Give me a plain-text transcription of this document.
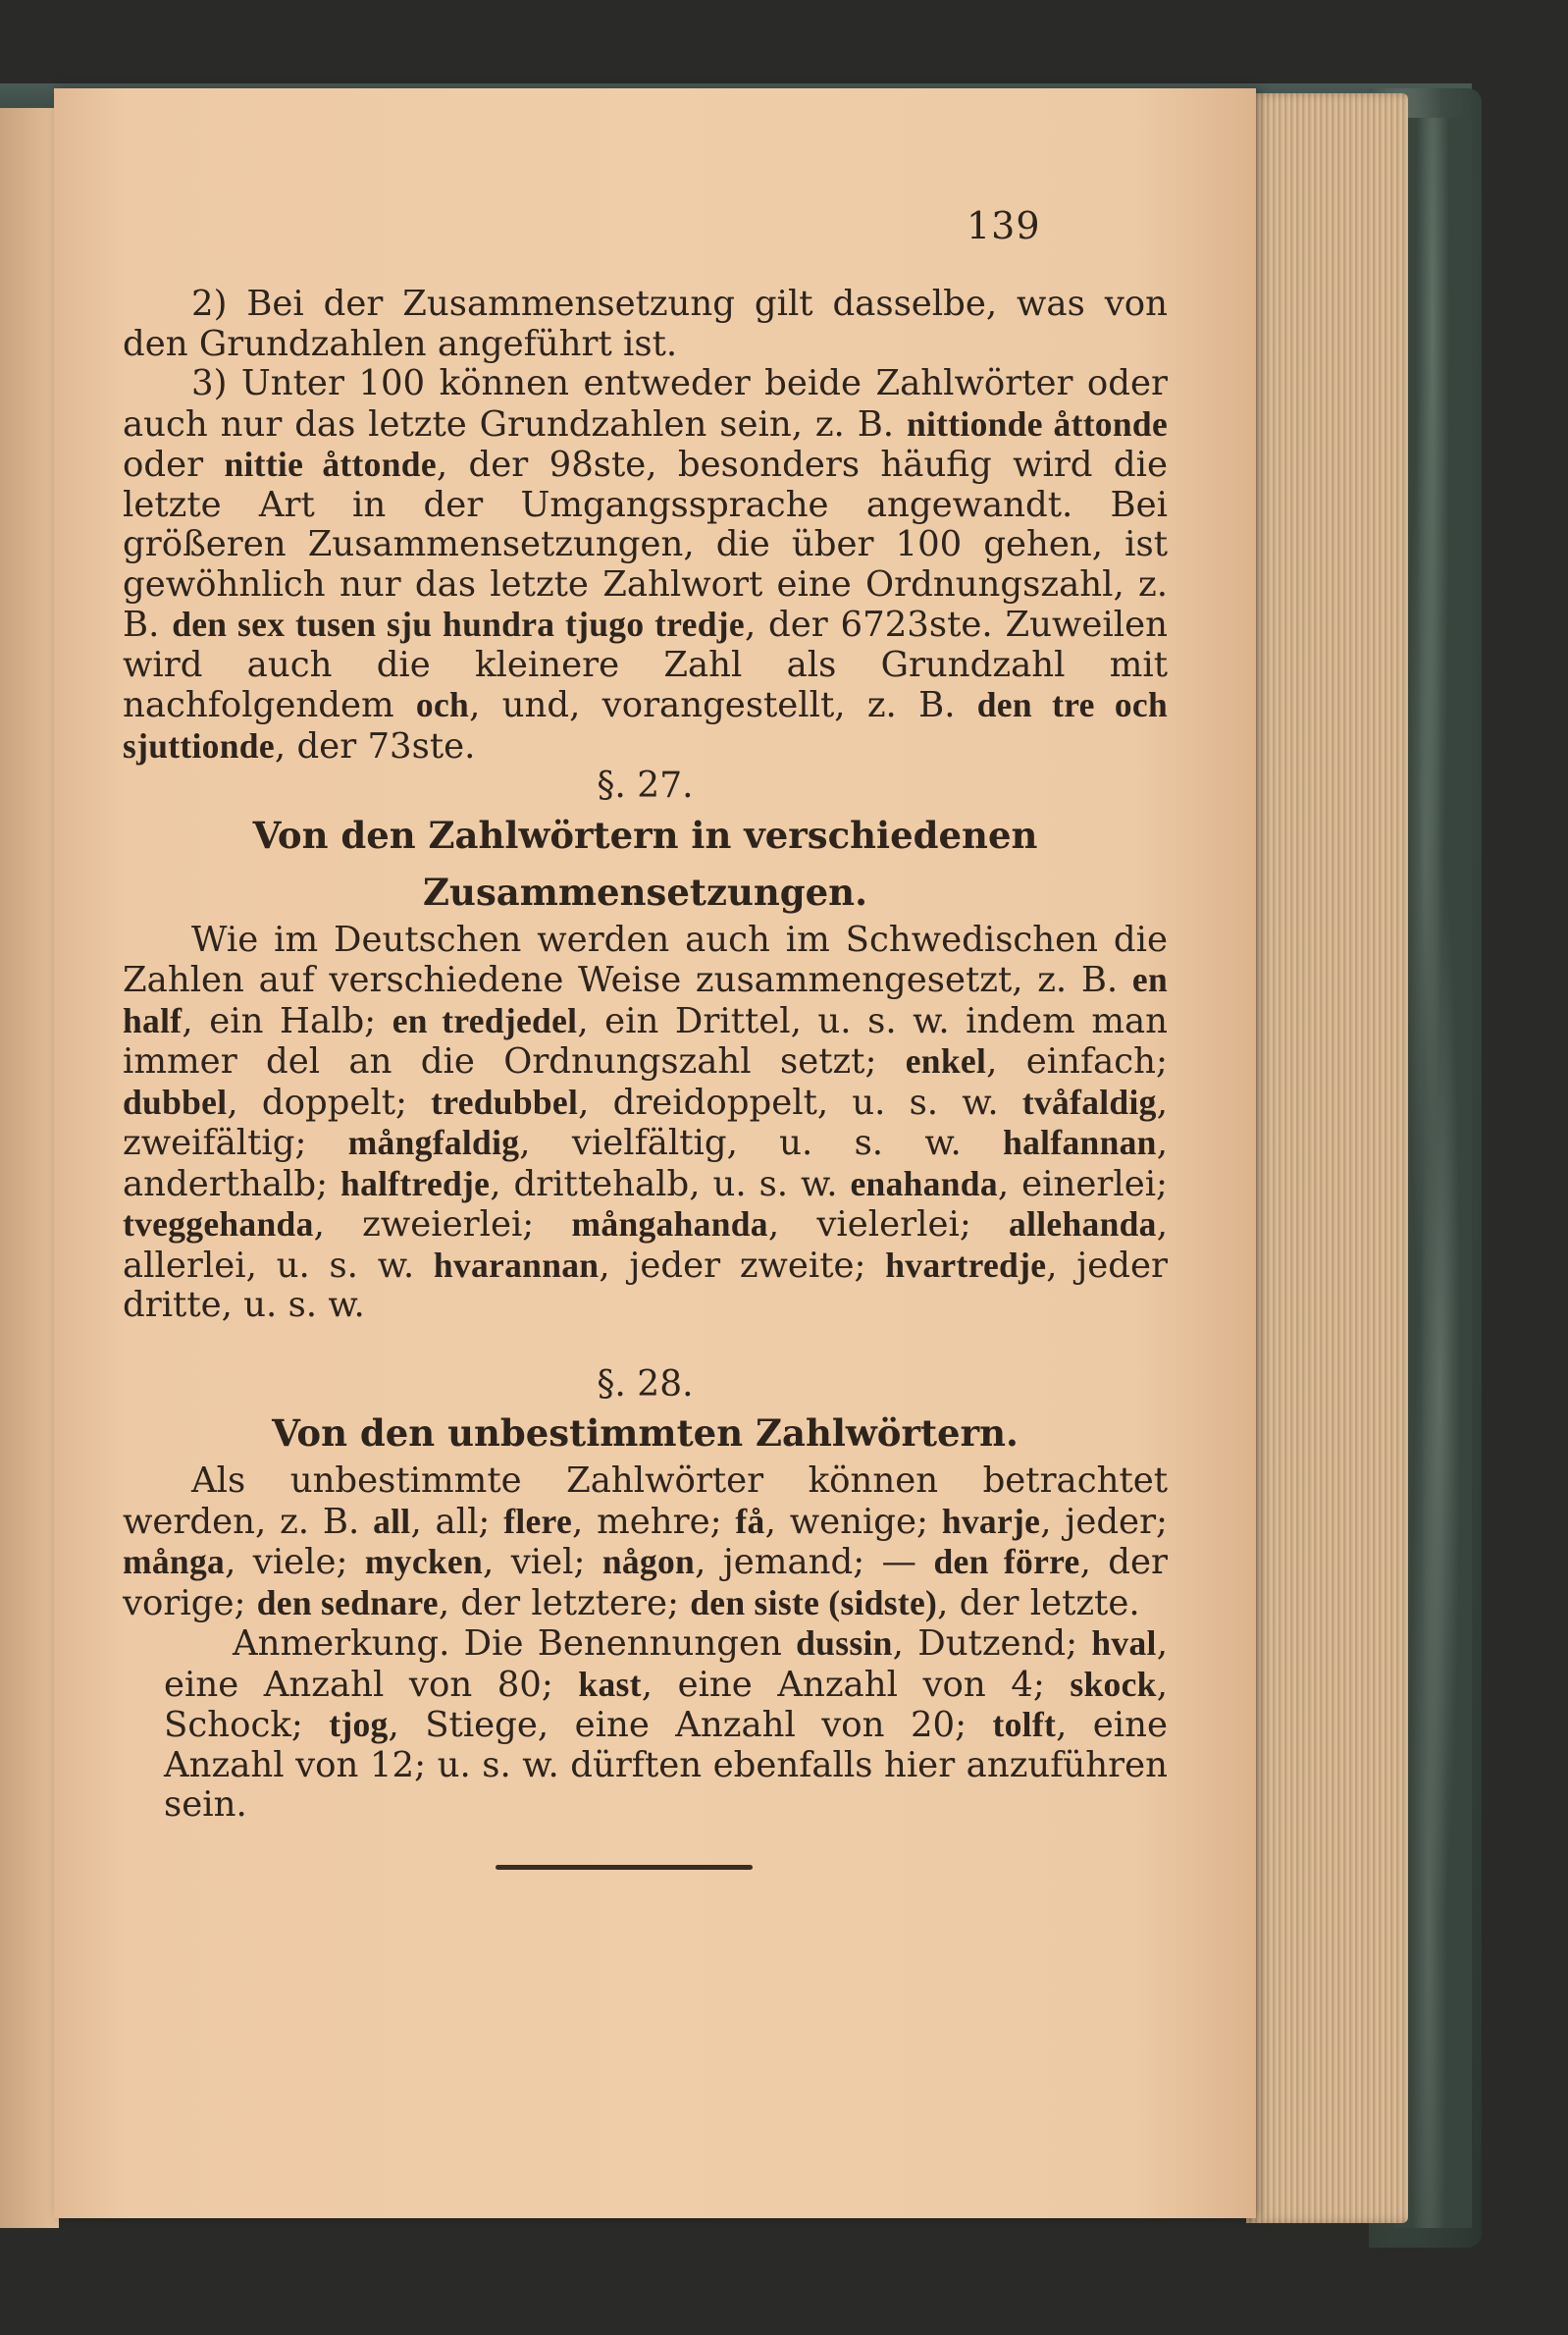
139

2) Bei der Zusammensetzung gilt dasselbe, was von den Grundzahlen angeführt ist.

3) Unter 100 können entweder beide Zahlwörter oder auch nur das letzte Grundzahlen sein, z. B. nittionde åttonde oder nittie åttonde, der 98ste, besonders häufig wird die letzte Art in der Umgangssprache angewandt. Bei größeren Zusammensetzungen, die über 100 gehen, ist gewöhnlich nur das letzte Zahlwort eine Ordnungszahl, z. B. den sex tusen sju hundra tjugo tredje, der 6723ste. Zuweilen wird auch die kleinere Zahl als Grundzahl mit nachfolgendem och, und, vorangestellt, z. B. den tre och sjuttionde, der 73ste.

§. 27.

Von den Zahlwörtern in verschiedenen Zusammensetzungen.

Wie im Deutschen werden auch im Schwedischen die Zahlen auf verschiedene Weise zusammengesetzt, z. B. en half, ein Halb; en tredjedel, ein Drittel, u. s. w. indem man immer del an die Ordnungszahl setzt; enkel, einfach; dubbel, doppelt; tredubbel, dreidoppelt, u. s. w. tvåfaldig, zweifältig; mångfaldig, vielfältig, u. s. w. halfannan, anderthalb; halftredje, drittehalb, u. s. w. enahanda, einerlei; tveggehanda, zweierlei; mångahanda, vielerlei; allehanda, allerlei, u. s. w. hvarannan, jeder zweite; hvartredje, jeder dritte, u. s. w.

§. 28.

Von den unbestimmten Zahlwörtern.

Als unbestimmte Zahlwörter können betrachtet werden, z. B. all, all; flere, mehre; få, wenige; hvarje, jeder; många, viele; mycken, viel; någon, jemand; — den förre, der vorige; den sednare, der letztere; den siste (sidste), der letzte.

Anmerkung. Die Benennungen dussin, Dutzend; hval, eine Anzahl von 80; kast, eine Anzahl von 4; skock, Schock; tjog, Stiege, eine Anzahl von 20; tolft, eine Anzahl von 12; u. s. w. dürften ebenfalls hier anzuführen sein.
